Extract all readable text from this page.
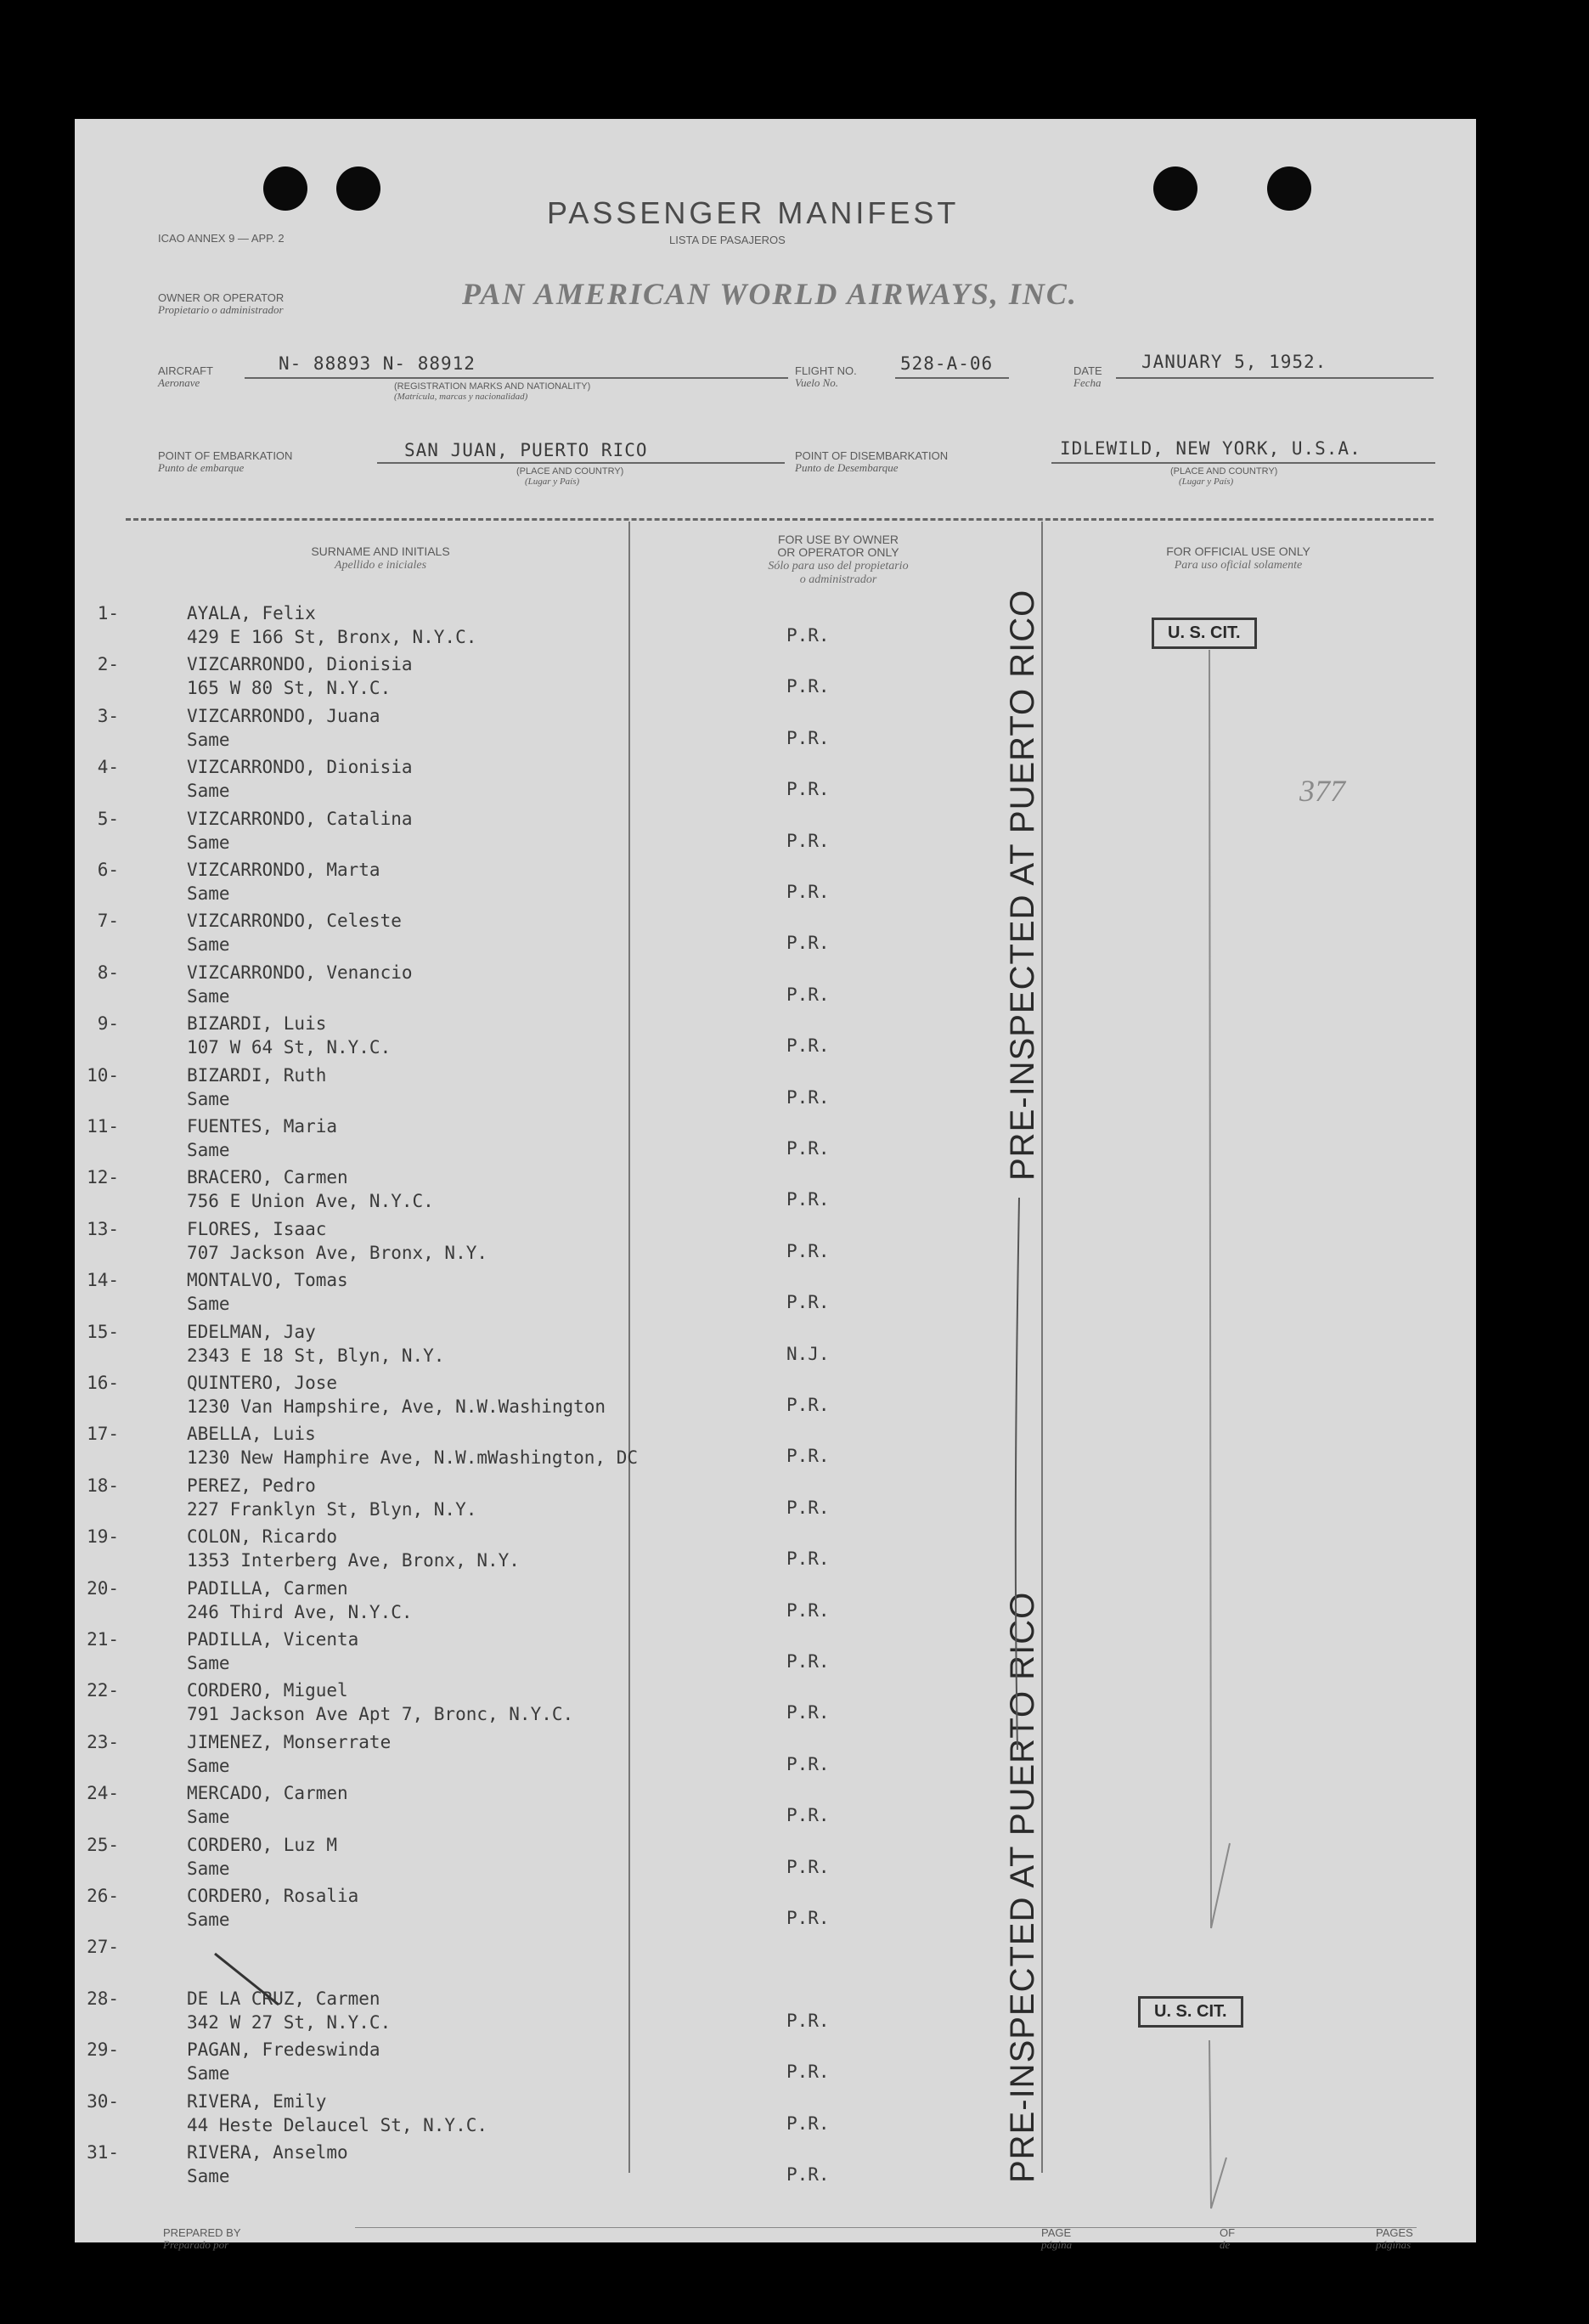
ICAO ANNEX 9 — APP. 2
PASSENGER MANIFEST
LISTA DE PASAJEROS
OWNER OR OPERATOR
Propietario o administrador	PAN AMERICAN WORLD AIRWAYS, INC.
AIRCRAFT
Aeronave
N- 88893 N- 88912
(REGISTRATION MARKS AND NATIONALITY)
(Matrícula, marcas y nacionalidad)
FLIGHT NO.
Vuelo No.
528-A-06	DATE
Fecha
JANUARY 5, 1952.
POINT OF EMBARKATION
Punto de embarque
SAN JUAN, PUERTO RICO
(PLACE AND COUNTRY)
(Lugar y País)
POINT OF DISEMBARKATION
Punto de Desembarque
IDLEWILD, NEW YORK, U.S.A.
(PLACE AND COUNTRY)
(Lugar y País)
SURNAME AND INITIALS
Apellido e iniciales
FOR USE BY OWNER
OR OPERATOR ONLY
Sólo para uso del propietario
o administrador
FOR OFFICIAL USE ONLY
Para uso oficial solamente
1-	AYALA, Felix
429 E 166 St, Bronx, N.Y.C.	P.R.
2-	VIZCARRONDO, Dionisia
165 W 80 St, N.Y.C.	P.R.
3-	VIZCARRONDO, Juana
Same	P.R.
4-	VIZCARRONDO, Dionisia
Same	P.R.
5-	VIZCARRONDO, Catalina
Same	P.R.
6-	VIZCARRONDO, Marta
Same	P.R.
7-	VIZCARRONDO, Celeste
Same	P.R.
8-	VIZCARRONDO, Venancio
Same	P.R.
9-	BIZARDI, Luis
107 W 64 St, N.Y.C.	P.R.
10-	BIZARDI, Ruth
Same	P.R.
11-	FUENTES, Maria
Same	P.R.
12-	BRACERO, Carmen
756 E Union Ave, N.Y.C.	P.R.
13-	FLORES, Isaac
707 Jackson Ave, Bronx, N.Y.	P.R.
14-	MONTALVO, Tomas
Same	P.R.
15-	EDELMAN, Jay
2343 E 18 St, Blyn, N.Y.	N.J.
16-	QUINTERO, Jose
1230 Van Hampshire, Ave, N.W.Washington	P.R.
17-	ABELLA, Luis
1230 New Hamphire Ave, N.W.mWashington, DC	P.R.
18-	PEREZ, Pedro
227 Franklyn St, Blyn, N.Y.	P.R.
19-	COLON, Ricardo
1353 Interberg Ave, Bronx, N.Y.	P.R.
20-	PADILLA, Carmen
246 Third Ave, N.Y.C.	P.R.
21-	PADILLA, Vicenta
Same	P.R.
22-	CORDERO, Miguel
791 Jackson Ave Apt 7, Bronc, N.Y.C.	P.R.
23-	JIMENEZ, Monserrate
Same	P.R.
24-	MERCADO, Carmen
Same	P.R.
25-	CORDERO, Luz M
Same	P.R.
26-	CORDERO, Rosalia
Same	P.R.
27-
28-	DE LA CRUZ, Carmen
342 W 27 St, N.Y.C.	P.R.
29-	PAGAN, Fredeswinda
Same	P.R.
30-	RIVERA, Emily
44 Heste Delaucel St, N.Y.C.	P.R.
31-	RIVERA, Anselmo
Same	P.R.
PRE-INSPECTED AT PUERTO RICO
PRE-INSPECTED AT PUERTO RICO
U. S. CIT.
U. S. CIT.
377
PREPARED BY
Preparado por
PAGE
página
OF
de
PAGES
páginas
